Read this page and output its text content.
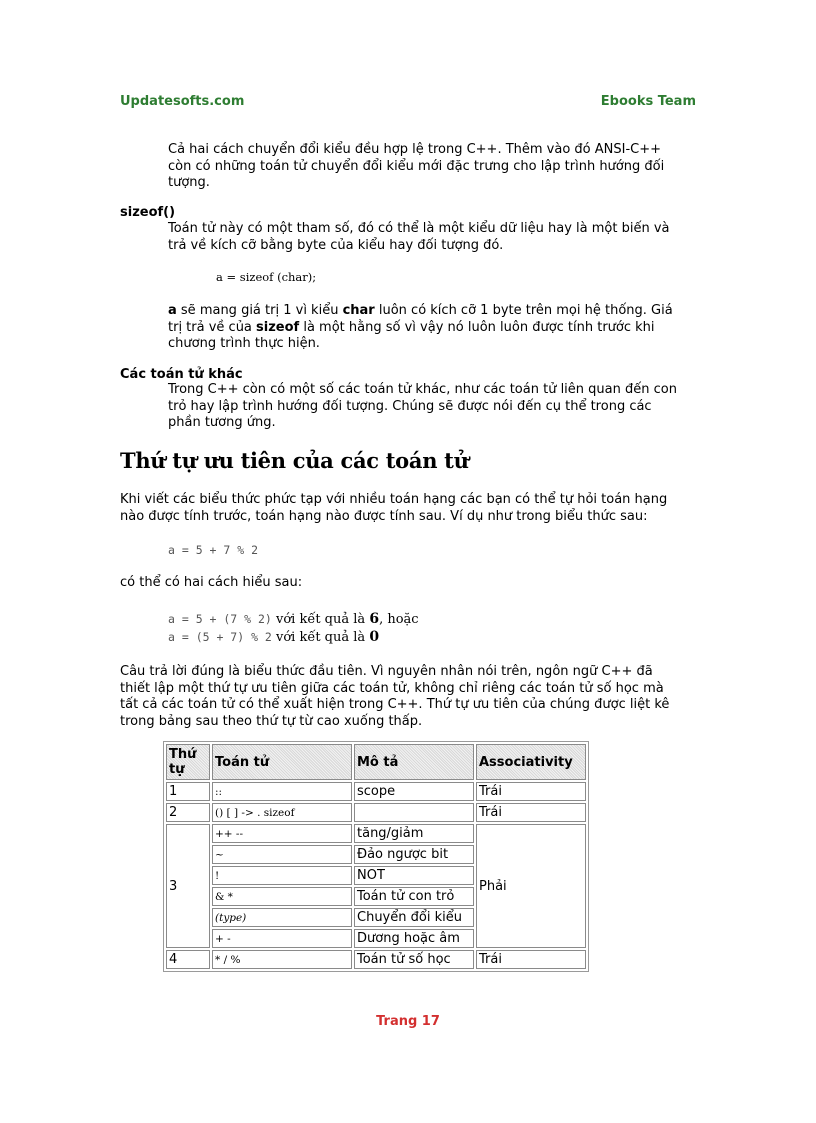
Updatesofts.com	Ebooks Team
Cả hai cách chuyển đổi kiểu đều hợp lệ trong C++. Thêm vào đó ANSI-C++
còn có những toán tử chuyển đổi kiểu mới đặc trưng cho lập trình hướng đối
tượng.
sizeof()
Toán tử này có một tham số, đó có thể là một kiểu dữ liệu hay là một biến và
trả về kích cỡ bằng byte của kiểu hay đối tượng đó.
a = sizeof (char);
a sẽ mang giá trị 1 vì kiểu char luôn có kích cỡ 1 byte trên mọi hệ thống. Giá
trị trả về của sizeof là một hằng số vì vậy nó luôn luôn được tính trước khi
chương trình thực hiện.
Các toán tử khác
Trong C++ còn có một số các toán tử khác, như các toán tử liên quan đến con
trỏ hay lập trình hướng đối tượng. Chúng sẽ được nói đến cụ thể trong các
phần tương ứng.
Thứ tự ưu tiên của các toán tử
Khi viết các biểu thức phức tạp với nhiều toán hạng các bạn có thể tự hỏi toán hạng
nào được tính trước, toán hạng nào được tính sau. Ví dụ như trong biểu thức sau:
a = 5 + 7 % 2
có thể có hai cách hiểu sau:
a = 5 + (7 % 2) với kết quả là 6, hoặc
a = (5 + 7) % 2 với kết quả là 0
Câu trả lời đúng là biểu thức đầu tiên. Vì nguyên nhân nói trên, ngôn ngữ C++ đã
thiết lập một thứ tự ưu tiên giữa các toán tử, không chỉ riêng các toán tử số học mà
tất cả các toán tử có thể xuất hiện trong C++. Thứ tự ưu tiên của chúng được liệt kê
trong bảng sau theo thứ tự từ cao xuống thấp.
Thứ
tự	Toán tử	Mô tả	Associativity
1	::	scope	Trái
2	() [ ] -> . sizeof		Trái
3	++ --	tăng/giảm	Phải
	~	Đảo ngược bit	
	!	NOT	
	& *	Toán tử con trỏ	
	(type)	Chuyển đổi kiểu	
	+ -	Dương hoặc âm	
4	* / %	Toán tử số học	Trái
Trang 17
